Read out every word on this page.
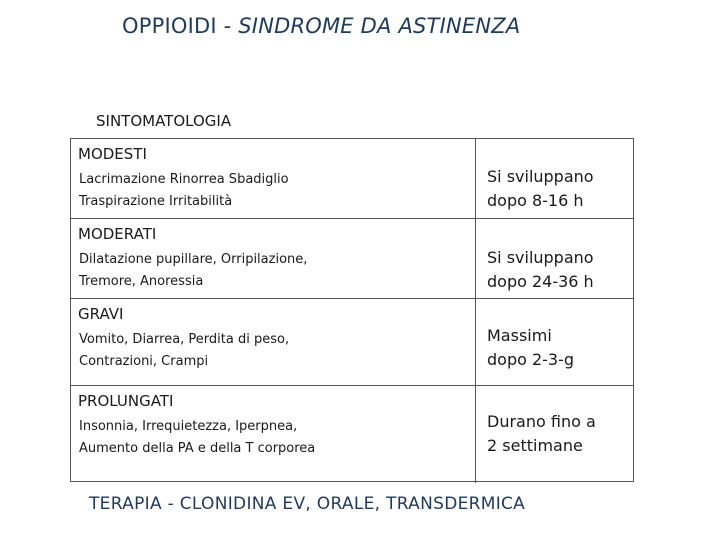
OPPIOIDI - SINDROME DA ASTINENZA
SINTOMATOLOGIA
MODESTI
Lacrimazione Rinorrea Sbadiglio
Traspirazione Irritabilità
Si sviluppano
dopo 8-16 h
MODERATI
Dilatazione pupillare, Orripilazione,
Tremore, Anoressia
Si sviluppano
dopo 24-36 h
GRAVI
Vomito, Diarrea, Perdita di peso,
Contrazioni, Crampi
Massimi
dopo 2-3-g
PROLUNGATI
Insonnia, Irrequietezza, Iperpnea,
Aumento della PA e della T corporea
Durano fino a
2 settimane
TERAPIA - CLONIDINA EV, ORALE, TRANSDERMICA
